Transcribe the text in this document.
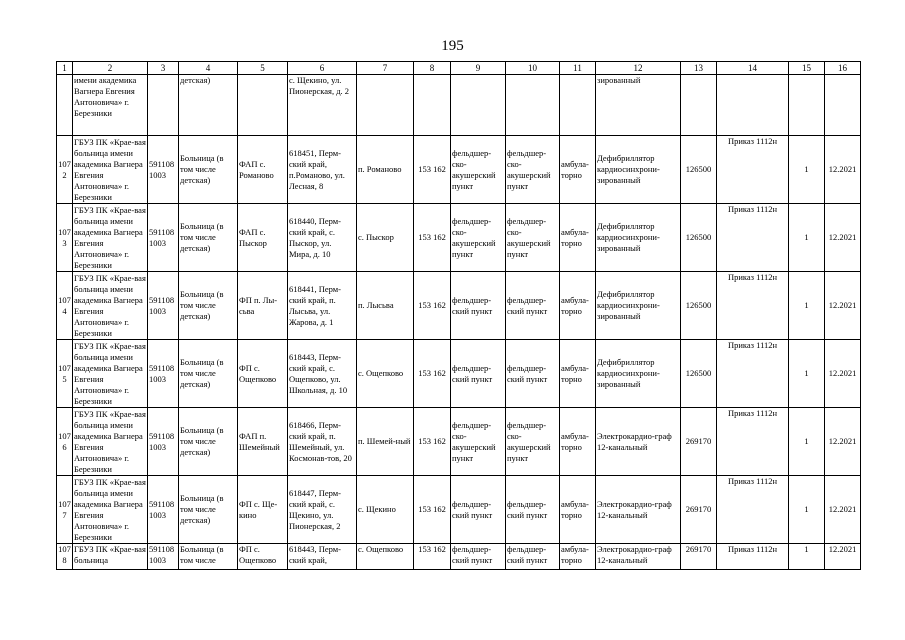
195
1	2	3	4	5	6	7	8	9	10	11	12	13	14	15	16
	имени академика Вагнера Евгения Антоновича» г. Березники		детская)		с. Щекино, ул. Пионерская, д. 2						зированный				
1072	ГБУЗ ПК «Крае-вая больница имени академика Вагнера Евгения Антоновича» г. Березники	591108 1003	Больница (в том числе детская)	ФАП с. Романово	618451, Перм-ский край, п.Романово, ул. Лесная, 8	п. Романово	153 162	фельдшер-ско-акушерский пункт	фельдшер-ско-акушерский пункт	амбула-торно	Дефибриллятор кардиосинхрони-зированный	126500	Приказ 1112н	1	12.2021
1073	ГБУЗ ПК «Крае-вая больница имени академика Вагнера Евгения Антоновича» г. Березники	591108 1003	Больница (в том числе детская)	ФАП с. Пыскор	618440, Перм-ский край, с. Пыскор, ул. Мира, д. 10	с. Пыскор	153 162	фельдшер-ско-акушерский пункт	фельдшер-ско-акушерский пункт	амбула-торно	Дефибриллятор кардиосинхрони-зированный	126500	Приказ 1112н	1	12.2021
1074	ГБУЗ ПК «Крае-вая больница имени академика Вагнера Евгения Антоновича» г. Березники	591108 1003	Больница (в том числе детская)	ФП п. Лы-сьва	618441, Перм-ский край, п. Лысьва, ул. Жарова, д. 1	п. Лысьва	153 162	фельдшер-ский пункт	фельдшер-ский пункт	амбула-торно	Дефибриллятор кардиосинхрони-зированный	126500	Приказ 1112н	1	12.2021
1075	ГБУЗ ПК «Крае-вая больница имени академика Вагнера Евгения Антоновича» г. Березники	591108 1003	Больница (в том числе детская)	ФП с. Ощепково	618443, Перм-ский край, с. Ощепково, ул. Школьная, д. 10	с. Ощепково	153 162	фельдшер-ский пункт	фельдшер-ский пункт	амбула-торно	Дефибриллятор кардиосинхрони-зированный	126500	Приказ 1112н	1	12.2021
1076	ГБУЗ ПК «Крае-вая больница имени академика Вагнера Евгения Антоновича» г. Березники	591108 1003	Больница (в том числе детская)	ФАП п. Шемейный	618466, Перм-ский край, п. Шемейный, ул. Космонав-тов, 20	п. Шемей-ный	153 162	фельдшер-ско-акушерский пункт	фельдшер-ско-акушерский пункт	амбула-торно	Электрокардио-граф 12-канальный	269170	Приказ 1112н	1	12.2021
1077	ГБУЗ ПК «Крае-вая больница имени академика Вагнера Евгения Антоновича» г. Березники	591108 1003	Больница (в том числе детская)	ФП с. Ще-кино	618447, Перм-ский край, с. Щекино, ул. Пионерская, 2	с. Щекино	153 162	фельдшер-ский пункт	фельдшер-ский пункт	амбула-торно	Электрокардио-граф 12-канальный	269170	Приказ 1112н	1	12.2021
1078	ГБУЗ ПК «Крае-вая больница	591108 1003	Больница (в том числе	ФП с. Ощепково	618443, Перм-ский край,	с. Ощепково	153 162	фельдшер-ский пункт	фельдшер-ский пункт	амбула-торно	Электрокардио-граф 12-канальный	269170	Приказ 1112н	1	12.2021
